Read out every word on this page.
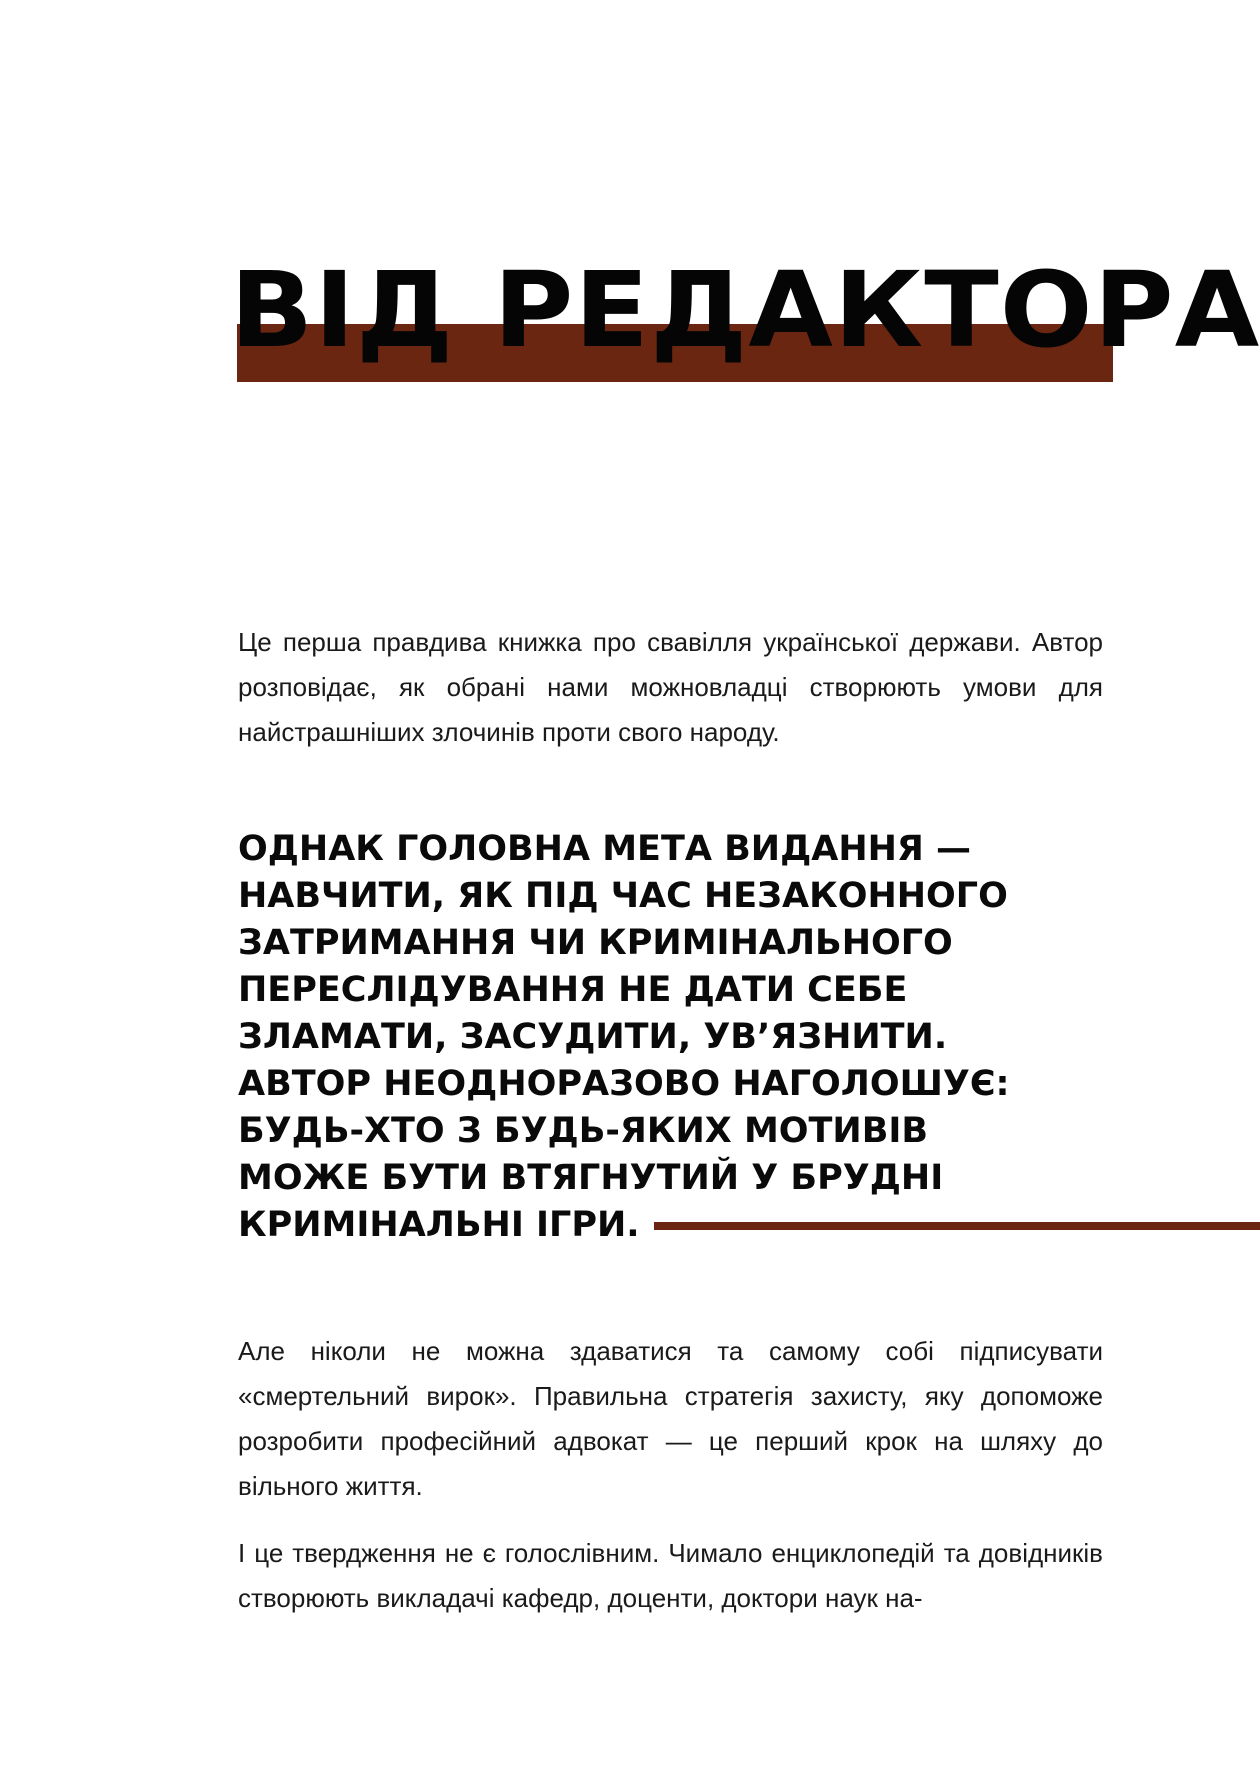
ВІД РЕДАКТОРА

Це перша правдива книжка про свавілля української держави. Автор розповідає, як обрані нами можновладці створюють умови для найстрашніших злочинів проти свого народу.

ОДНАК ГОЛОВНА МЕТА ВИДАННЯ —
НАВЧИТИ, ЯК ПІД ЧАС НЕЗАКОННОГО
ЗАТРИМАННЯ ЧИ КРИМІНАЛЬНОГО
ПЕРЕСЛІДУВАННЯ НЕ ДАТИ СЕБЕ
ЗЛАМАТИ, ЗАСУДИТИ, УВ’ЯЗНИТИ.
АВТОР НЕОДНОРАЗОВО НАГОЛОШУЄ:
БУДЬ-ХТО З БУДЬ-ЯКИХ МОТИВІВ
МОЖЕ БУТИ ВТЯГНУТИЙ У БРУДНІ
КРИМІНАЛЬНІ ІГРИ.

Але ніколи не можна здаватися та самому собі підписувати «смертельний вирок». Правильна стратегія захисту, яку допоможе розробити професійний адвокат — це перший крок на шляху до вільного життя.

І це твердження не є голослівним. Чимало енциклопедій та довідників створюють викладачі кафедр, доценти, доктори наук на-
